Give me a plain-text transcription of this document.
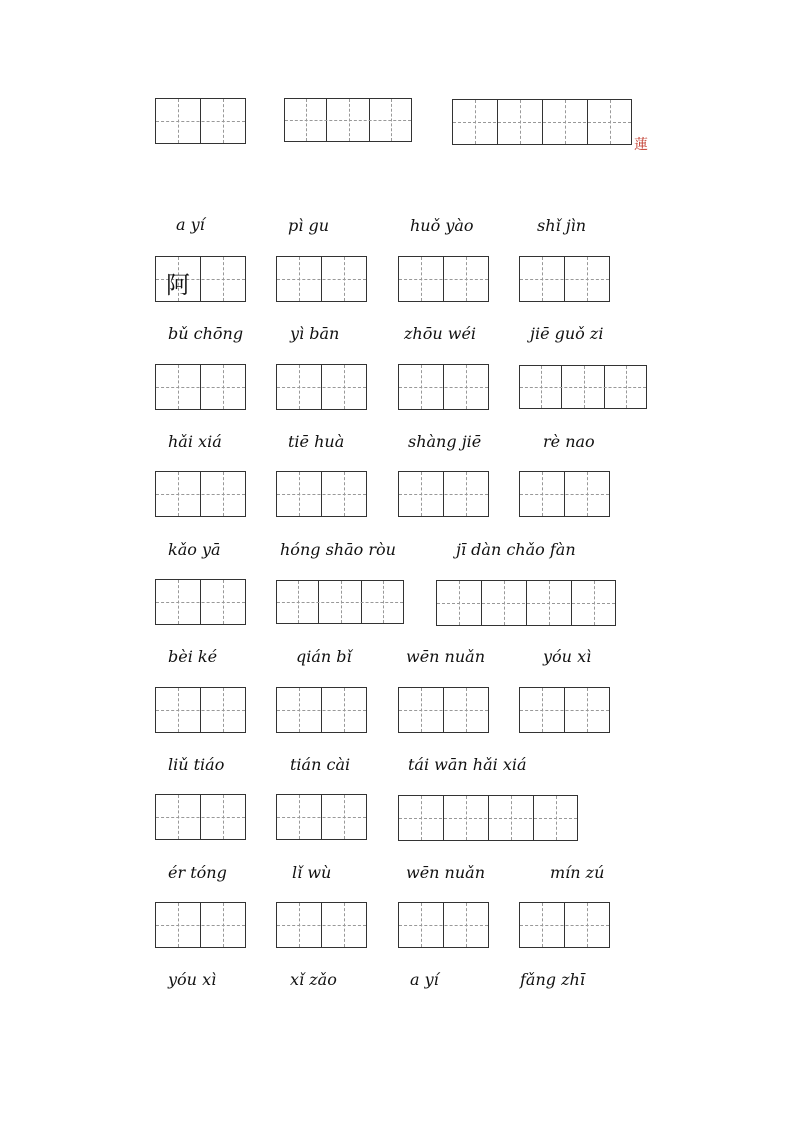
蓮
a yí	pì gu	huǒ yào	shǐ jìn
阿
bǔ chōng	yì bān	zhōu wéi	jiē guǒ zi
hǎi xiá	tiē huà	shàng jiē	rè nao
kǎo yā	hóng shāo ròu	jī dàn chǎo fàn
bèi ké	qián bǐ	wēn nuǎn	yóu xì
liǔ tiáo	tián cài	tái wān hǎi xiá
ér tóng	lǐ wù	wēn nuǎn	mín zú
yóu xì	xǐ zǎo	a yí	fǎng zhī
